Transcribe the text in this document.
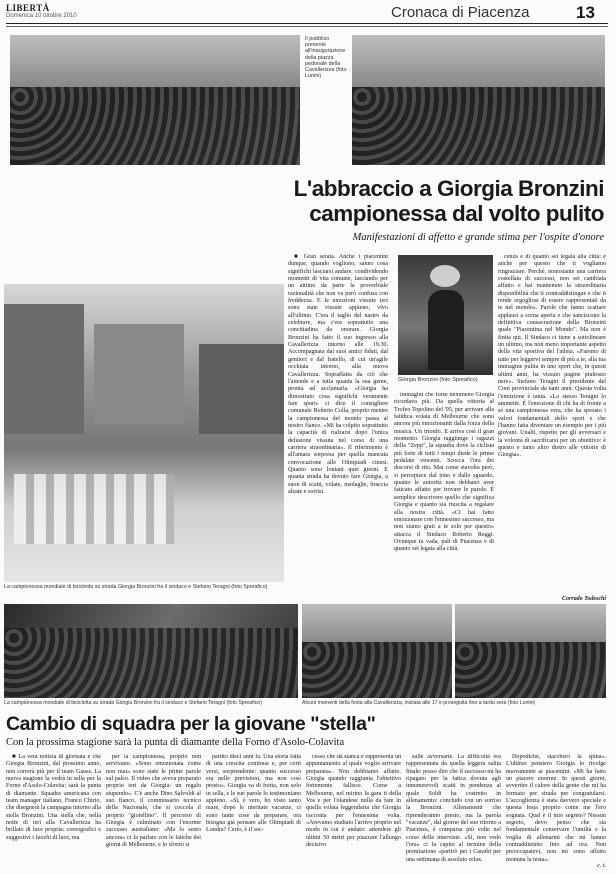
LIBERTÀ
Domenica 10 ottobre 2010	Cronaca di Piacenza	13
Il pubblico presente all'inaugurazione della piazza pedonale della Cavallerizza (foto Lunini)
L'abbraccio a Giorgia Bronzini
campionessa dal volto pulito
Manifestazioni di affetto e grande stima per l'ospite d'onore
La campionessa mondiale di bicicletta su strada Giorgia Bronzini fra il sindaco e Stefano Teragni (foto Spreafico)

■ Gran serata. Anche i piacentini dunque, quando vogliono, sanno cosa significhi lasciarsi andare, condividendo momenti di vita comune, lasciando per un attimo da parte la proverbiale razionalità che non va però confusa con freddezza. E le emozioni vissute ieri sono state vissute appieno, vivo all'ultimo. C'era il taglio del nastro da celebrare, ma c'era soprattutto una concittadina da onorare. Giorgia Bronzini ha fatto il suo ingresso alla Cavallerizza intorno alle 19.30. Accompagnata dai suoi amici fidati, dal genitori e dal fratello, di cui un'agile occhiata intorno, alla nuova Cavallerizza. Sopraffatta da ciò che l'attende e a tutta quanta la sua gente, pronta ad acclamarla. «Giorgia ha dimostrato cosa significhi veramente fare sport» ci dice il consigliere comunale Roberto Colla, proprio mentre la campionessa del mondo passa al nostro fianco. «Mi ha colpito soprattutto la capacità di rialzarsi dopo l'unica delusione vissuta nel corso di una carriera straordinaria». Il riferimento è all'amara sorpresa per quella mancata convocazione alle Olimpiadi cinesi. Quanto sono lontani quei giorni. E quanta strada ha dovuto fare Giorgia, a suon di scatti, volate, medaglie, braccia alzate e sorrisi.

immagini che forse nemmeno Giorgia ricordava più. Da quella vittoria al Trofeo Topolino del '95, per arrivare alla fatidica volata di Melbourne che sono ancora più emozionanti dalla forza della musica. Un trionfo. E arriva così il gran momento. Giorgia raggiunge i ragazzi della "Zepp", la squadra dove la ciclista più forte di tutti i tempi diede le prime pedalate vincenti. Scocca l'ora dei discorsi di rito. Mai come stavolta però, si percepisce dal tono e dallo sguardo, quanto le autorità non debbano aver faticato affatto per trovare le parole. È semplice descrivere quello che significa Giorgia e quanto sia riuscita a regalare alla nostra città. «Ci hai fatto emozionare con l'ennesimo successo, ma non siamo grati a te solo per questo» attacca il Sindaco Roberto Reggi. Ovunque tu vada, pali di Piacenza e di quanto sei legata alla città.

Giorgia Bronzini (foto Spreafico)

cenza e di quanto sei legata alla città: è anche per questo che ti vogliamo ringraziare. Perché, nonostante una carriera costellata di successi, non sei cambiata affatto e hai mantenuto la straordinaria disponibilità che ti contraddistingue e che ti rende orgogliosi di essere rappresentati da te nel mondo». Parole che fanno scattare applausi a scena aperta e che sanciscono la definitiva consacrazione della Bronzini quale "Piacentina nel Mondo". Ma non è finita qui. Il Sindaco ci tiene a sottolineare un ultimo, ma non meno importante aspetto della vita sportiva del l'atleta. «Faremo di tutto per leggervi sempre di più a te, alla tua immagine pulita in uno sport che, in questi ultimi anni, ha vissuto pagine piuttosto nere». Stefano Teragni il presidente del Coni provinciale da tanti anni. Questa volta l'emozione è tanta. «Lo stesso Teragni lo ammette. È l'emozione di chi ha di fronte a sé una campionessa vera, che ha sposato i valori fondamentali dello sport e che l'hanno fatta diventare un esempio per i più giovani. Unalti, rispetto per gli avversari e la volontà di sacrificarsi per un obiettivo: è questo e tanto altro dietro alle vittorie di Giorgia».

Corrado Todeschi
La campionessa mondiale di bicicletta su strada Giorgia Bronzini fra il sindaco e Stefano Teragni (foto Spreafico)	Alcuni momenti della festa alla Cavallerizza, iniziata alle 17 e proseguita fino a tarda sera (foto Lunini)
Cambio di squadra per la giovane "stella"
Con la prossima stagione sarà la punta di diamante della Forno d'Asolo-Colavita

■ La vera notizia di giornata è che Giorgia Bronzini, dal prossimo anno, non correrà più per il team Gauss. La nuova stagione la vedrà in sella per la Forno d'Asolo-Colavita: sarà la punta di diamante. Squadra americana con team manager italiano, Franco Chirio, che disegnerà la campagna intorno alla stella Bronzini. Una stella che, nella notte di ieri alla Cavallerizza ha brillato di luce propria: coreografici e suggestivi i fuochi di luce, ma

per la campionessa, proprio non servivano. «Sono emozionata come non mai» sono state le prime parole sul palco. Il video che aveva preparato proprio ieri da Giorgia: un regalo stupendo». C'è anche Dino Salvoldi al suo fianco, il commissario tecnico della Nazionale, che si coccola il proprio "gioiellino". Il percorso di Giorgia è culminato con l'enorme successo australiano: «Ma lo sento ancora» ci fa parlare con le fatiche dei giorni di Melbourne, e lo sforzo si

partito dieci anni fa. Una storia fatta di una crescita continua e, per certi versi, sorprendente: quanto successo era nelle previsioni, ma non così presto». Giorgia va di fretta, non solo in sella, e le sue parole lo testimoniano appieno. «Sì, è vero, ho visto tanto mare, dopo le meritate vacanze, ci sono tante cose da preparare, ora bisogna già pensare alle Olimpiadi di Londra? Certo, è il suc-

cesso che dà stanca e rappresenta un appuntamento al quale voglio arrivare preparata». Non dobbiamo affatto. Giorgia quando raggiunta l'obiettivo fortemente fallisce. Come a Melbourne, nel mirino la gara ti della Vos e per l'olandese nulla da fare in quella volata leggendaria che Giorgia racconta per l'ennesima volta. «Avevamo studiato l'arrivo proprio nel modo in cui è andato: attendere gli ultimi 50 metri per piazzare l'allungo decisivo

sulle avversarie. La difficoltà era rappresentata da quella leggera salita finale: posso dire che il successo mi ha ripagato per la fatica dovuta agli innumerevoli scatti in pendenza al quale Soldi ha costretto in allenamento: concludo con un sorriso la Bronzini. Allenamenti che riprenderanno presto, ma la parola "vacanze", dal giorno del suo ritorno a Piacenza, è comparsa più volte nel corso delle interviste. «Sì, non vedo l'ora» ci fa capire al termine della premiazione «partirò per i Caraibi per una settimana di assoluto relax.

Dopodiché, staccherò la spina». L'ultimo pensiero Giorgia lo rivolge nuovamente ai piacentini. «Mi ha fatto un piacere enorme. In questi giorni, avvertire il calore della gente che mi ha fermato per strada per congratularsi. L'accoglienza è stata davvero speciale e questa festa proprio come me l'ero sognata. Qual è il mio segreto? Nessun segreto, devo penso che sia fondamentale conservare l'umiltà e la voglia di allenarmi che mi hanno contraddistinto fino ad ora. Non preoccupatevi, non mi sono affatto montata la testa».

c. t.
